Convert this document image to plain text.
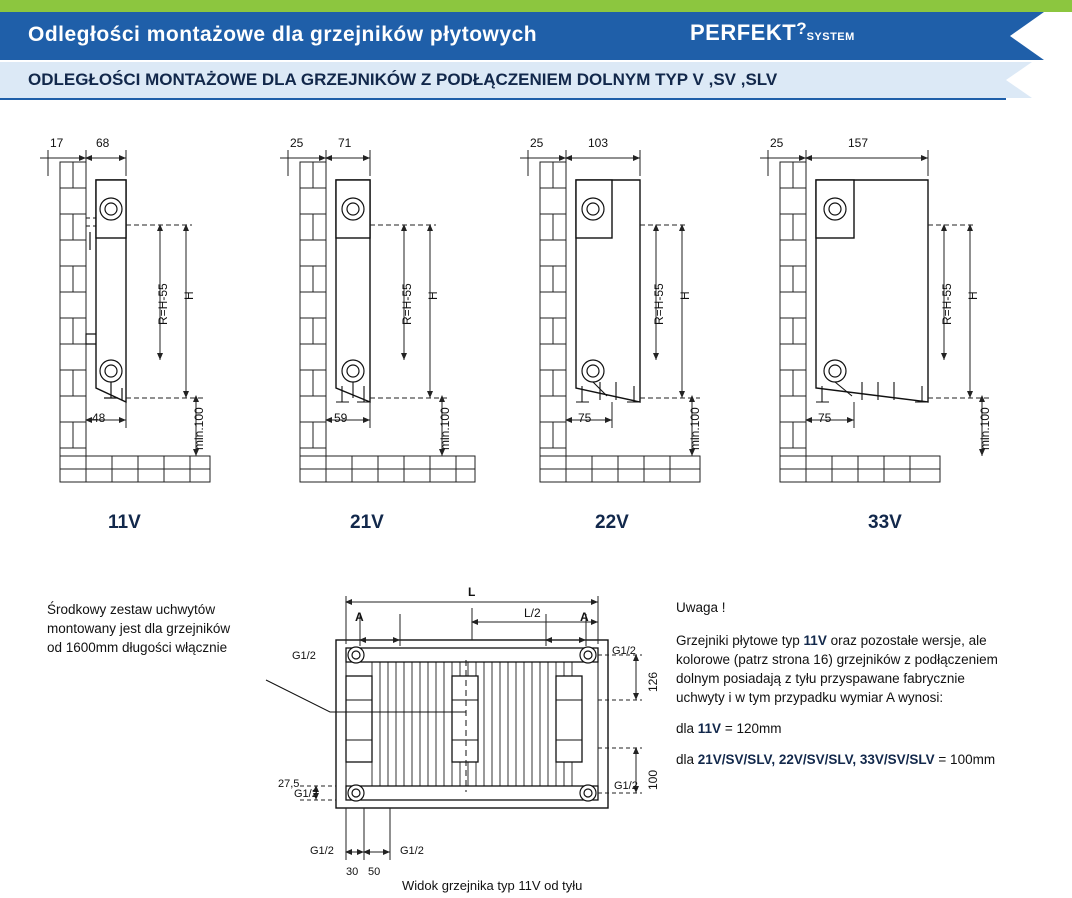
Odległości montażowe dla grzejników płytowych	PERFEKT?SYSTEM
ODLEGŁOŚCI MONTAŻOWE DLA GRZEJNIKÓW Z PODŁĄCZENIEM DOLNYM TYP V ,SV ,SLV
17	68
R=H-55 H
min.100
48
11V
25	71
R=H-55 H
min.100
59
21V
25	103
R=H-55 H
min.100
75
22V
25	157
R=H-55 H
min.100
75
33V
L
L/2
A	A
G1/2	G1/2
G1/2
G1/2
G1/2	G1/2
126
100
27,5
30 50
Widok grzejnika typ 11V od tyłu
Środkowy zestaw uchwytów
montowany jest dla grzejników
od 1600mm długości włącznie
Uwaga !
Grzejniki płytowe typ 11V oraz pozostałe wersje, ale
kolorowe (patrz strona 16) grzejników z podłączeniem
dolnym posiadają z tyłu przyspawane fabrycznie
uchwyty i w tym przypadku wymiar A wynosi:
dla 11V = 120mm
dla 21V/SV/SLV, 22V/SV/SLV, 33V/SV/SLV = 100mm
